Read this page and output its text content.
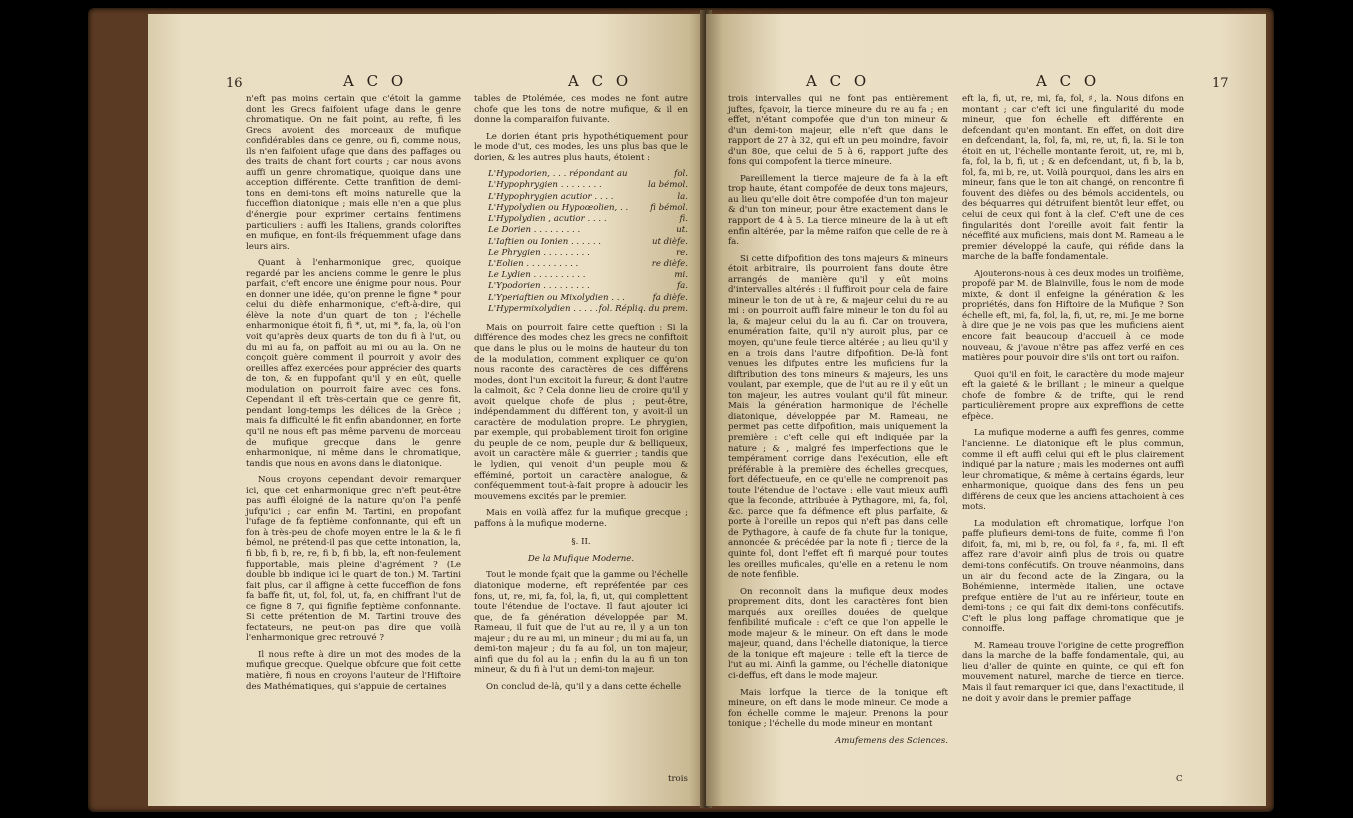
16	A C O	A C O

n'eft pas moins certain que c'étoit la gamme dont les Grecs faifoient ufage dans le genre chromatique. On ne fait point, au refte, fi les Grecs avoient des morceaux de mufique confidérables dans ce genre, ou fi, comme nous, ils n'en faifoient ufage que dans des paffages ou des traits de chant fort courts ; car nous avons auffi un genre chromatique, quoique dans une acception différente. Cette tranfition de demi-tons en demi-tons eft moins naturelle que la fucceffion diatonique ; mais elle n'en a que plus d'énergie pour exprimer certains fentimens particuliers : auffi les Italiens, grands coloriftes en mufique, en font-ils fréquemment ufage dans leurs airs.

Quant à l'enharmonique grec, quoique regardé par les anciens comme le genre le plus parfait, c'eft encore une énigme pour nous. Pour en donner une idée, qu'on prenne le figne * pour celui du dièfe enharmonique, c'eft-à-dire, qui élève la note d'un quart de ton ; l'échelle enharmonique étoit fi, fi *, ut, mi *, fa, la, où l'on voit qu'après deux quarts de ton du fi à l'ut, ou du mi au fa, on paffoit au mi ou au la. On ne conçoit guère comment il pourroit y avoir des oreilles affez exercées pour apprécier des quarts de ton, & en fuppofant qu'il y en eût, quelle modulation on pourroit faire avec ces fons. Cependant il eft très-certain que ce genre fit, pendant long-temps les délices de la Grèce ; mais fa difficulté le fit enfin abandonner, en forte qu'il ne nous eft pas même parvenu de morceau de mufique grecque dans le genre enharmonique, ni même dans le chromatique, tandis que nous en avons dans le diatonique.

Nous croyons cependant devoir remarquer ici, que cet enharmonique grec n'eft peut-être pas auffi éloigné de la nature qu'on l'a penfé jufqu'ici ; car enfin M. Tartini, en propofant l'ufage de fa feptième confonnante, qui eft un fon à très-peu de chofe moyen entre le la & le fi bémol, ne prétend-il pas que cette intonation, la, fi bb, fi b, re, re, fi b, fi bb, la, eft non-feulement fupportable, mais pleine d'agrément ? (Le double bb indique ici le quart de ton.) M. Tartini fait plus, car il affigne à cette fucceffion de fons fa baffe fit, ut, fol, fol, ut, fa, en chiffrant l'ut de ce figne 8 7, qui fignifie feptième confonnante. Si cette prétention de M. Tartini trouve des fectateurs, ne peut-on pas dire que voilà l'enharmonique grec retrouvé ?

Il nous refte à dire un mot des modes de la mufique grecque. Quelque obfcure que foit cette matière, fi nous en croyons l'auteur de l'Hiftoire des Mathématiques, qui s'appuie de certaines

tables de Ptolémée, ces modes ne font autre chofe que les tons de notre mufique, & il en donne la comparaifon fuivante.

Le dorien étant pris hypothétiquement pour le mode d'ut, ces modes, les uns plus bas que le dorien, & les autres plus hauts, étoient :

L'Hypodorien, . . . répondant au	fol.
L'Hypophrygien . . . . . . . .	la bémol.
L'Hypophrygien acutior . . . .	la.
L'Hypolydien ou Hypoœolien, . .	fi bémol.
L'Hypolydien , acutior . . . .	fi.
Le Dorien . . . . . . . . .	ut.
L'Iaftien ou Ionien . . . . . .	ut dièfe.
Le Phrygien . . . . . . . . .	re.
L'Eolien . . . . . . . . . .	re dièfe.
Le Lydien . . . . . . . . . .	mi.
L'Ypodorien . . . . . . . . .	fa.
L'Yperiaftien ou Mixolydien . . .	fa dièfe.
L'Hypermixolydien . . . . . fol. Répliq. du prem.

Mais on pourroit faire cette queftion : Si la différence des modes chez les grecs ne confiftoit que dans le plus ou le moins de hauteur du ton de la modulation, comment expliquer ce qu'on nous raconte des caractères de ces différens modes, dont l'un excitoit la fureur, & dont l'autre la calmoit, &c ? Cela donne lieu de croire qu'il y avoit quelque chofe de plus ; peut-être, indépendamment du différent ton, y avoit-il un caractère de modulation propre. Le phrygien, par exemple, qui probablement tiroit fon origine du peuple de ce nom, peuple dur & belliqueux, avoit un caractère mâle & guerrier ; tandis que le lydien, qui venoit d'un peuple mou & efféminé, portoit un caractère analogue, & conféquemment tout-à-fait propre à adoucir les mouvemens excités par le premier.

Mais en voilà affez fur la mufique grecque ; paffons à la mufique moderne.

§. II.
De la Mufique Moderne.

Tout le monde fçait que la gamme ou l'échelle diatonique moderne, eft repréfentée par ces fons, ut, re, mi, fa, fol, la, fi, ut, qui complettent toute l'étendue de l'octave. Il faut ajouter ici que, de fa génération développée par M. Rameau, il fuit que de l'ut au re, il y a un ton majeur ; du re au mi, un mineur ; du mi au fa, un demi-ton majeur ; du fa au fol, un ton majeur, ainfi que du fol au la ; enfin du la au fi un ton mineur, & du fi à l'ut un demi-ton majeur.

On conclud de-là, qu'il y a dans cette échelle

trois
A C O	A C O	17

trois intervalles qui ne font pas entièrement juftes, fçavoir, la tierce mineure du re au fa ; en effet, n'étant compofée que d'un ton mineur & d'un demi-ton majeur, elle n'eft que dans le rapport de 27 à 32, qui eft un peu moindre, favoir d'un 80e, que celui de 5 à 6, rapport jufte des fons qui compofent la tierce mineure.

Pareillement la tierce majeure de fa à la eft trop haute, étant compofée de deux tons majeurs, au lieu qu'elle doit être compofée d'un ton majeur & d'un ton mineur, pour être exactement dans le rapport de 4 à 5. La tierce mineure de la à ut eft enfin altérée, par la même raifon que celle de re à fa.

Si cette difpofition des tons majeurs & mineurs étoit arbitraire, ils pourroient fans doute être arrangés de manière qu'il y eût moins d'intervalles altérés : il fuffiroit pour cela de faire mineur le ton de ut à re, & majeur celui du re au mi : on pourroit auffi faire mineur le ton du fol au la, & majeur celui du la au fi. Car on trouvera, enumération faite, qu'il n'y auroit plus, par ce moyen, qu'une feule tierce altérée ; au lieu qu'il y en a trois dans l'autre difpofition. De-là font venues les difputes entre les muficiens fur la diftribution des tons mineurs & majeurs, les uns voulant, par exemple, que de l'ut au re il y eût un ton majeur, les autres voulant qu'il fût mineur. Mais la génération harmonique de l'échelle diatonique, développée par M. Rameau, ne permet pas cette difpofition, mais uniquement la première : c'eft celle qui eft indiquée par la nature ; & , malgré fes imperfections que le tempérament corrige dans l'exécution, elle eft préférable à la première des échelles grecques, fort défectueufe, en ce qu'elle ne comprenoit pas toute l'étendue de l'octave : elle vaut mieux auffi que la feconde, attribuée à Pythagore, mi, fa, fol, &c. parce que fa défmence eft plus parfaite, & porte à l'oreille un repos qui n'eft pas dans celle de Pythagore, à caufe de fa chute fur la tonique, annoncée & précédée par la note fi ; tierce de la quinte fol, dont l'effet eft fi marqué pour toutes les oreilles muficales, qu'elle en a retenu le nom de note fenfible.

On reconnoît dans la mufique deux modes proprement dits, dont les caractères font bien marqués aux oreilles douées de quelque fenfibilité muficale : c'eft ce que l'on appelle le mode majeur & le mineur. On eft dans le mode majeur, quand, dans l'échelle diatonique, la tierce de la tonique eft majeure : telle eft la tierce de l'ut au mi. Ainfi la gamme, ou l'échelle diatonique ci-deffus, eft dans le mode majeur.

Mais lorfque la tierce de la tonique eft mineure, on eft dans le mode mineur. Ce mode a fon échelle comme le majeur. Prenons la pour tonique ; l'échelle du mode mineur en montant

Amufemens des Sciences.

eft la, fi, ut, re, mi, fa, fol, ♯, la. Nous difons en montant ; car c'eft ici une fingularité du mode mineur, que fon échelle eft différente en defcendant qu'en montant. En effet, on doit dire en defcendant, la, fol, fa, mi, re, ut, fi, la. Si le ton étoit en ut, l'échelle montante feroit, ut, re, mi b, fa, fol, la b, fi, ut ; & en defcendant, ut, fi b, la b, fol, fa, mi b, re, ut. Voilà pourquoi, dans les airs en mineur, fans que le ton ait changé, on rencontre fi fouvent des dièfes ou des bémols accidentels, ou des béquarres qui détruifent bientôt leur effet, ou celui de ceux qui font à la clef. C'eft une de ces fingularités dont l'oreille avoit fait fentir la néceffité aux muficiens, mais dont M. Rameau a le premier développé la caufe, qui réfide dans la marche de la baffe fondamentale.

Ajouterons-nous à ces deux modes un troifième, propofé par M. de Blainville, fous le nom de mode mixte, & dont il enfeigne la génération & les propriétés, dans fon Hiftoire de la Mufique ? Son échelle eft, mi, fa, fol, la, fi, ut, re, mi. Je me borne à dire que je ne vois pas que les muficiens aient encore fait beaucoup d'accueil à ce mode nouveau, & j'avoue n'être pas affez verfé en ces matières pour pouvoir dire s'ils ont tort ou raifon.

Quoi qu'il en foit, le caractère du mode majeur eft la gaieté & le brillant ; le mineur a quelque chofe de fombre & de trifte, qui le rend particulièrement propre aux expreffions de cette efpèce.

La mufique moderne a auffi fes genres, comme l'ancienne. Le diatonique eft le plus commun, comme il eft auffi celui qui eft le plus clairement indiqué par la nature ; mais les modernes ont auffi leur chromatique, & même à certains égards, leur enharmonique, quoique dans des fens un peu différens de ceux que les anciens attachoient à ces mots.

La modulation eft chromatique, lorfque l'on paffe plufieurs demi-tons de fuite, comme fi l'on difoit, fa, mi, mi b, re, ou fol, fa ♯, fa, mi. Il eft affez rare d'avoir ainfi plus de trois ou quatre demi-tons confécutifs. On trouve néanmoins, dans un air du fecond acte de la Zingara, ou la Bohémienne, intermède italien, une octave prefque entière de l'ut au re inférieur, toute en demi-tons ; ce qui fait dix demi-tons confécutifs. C'eft le plus long paffage chromatique que je connoiffe.

M. Rameau trouve l'origine de cette progreffion dans la marche de la baffe fondamentale, qui, au lieu d'aller de quinte en quinte, ce qui eft fon mouvement naturel, marche de tierce en tierce. Mais il faut remarquer ici que, dans l'exactitude, il ne doit y avoir dans le premier paffage

C
